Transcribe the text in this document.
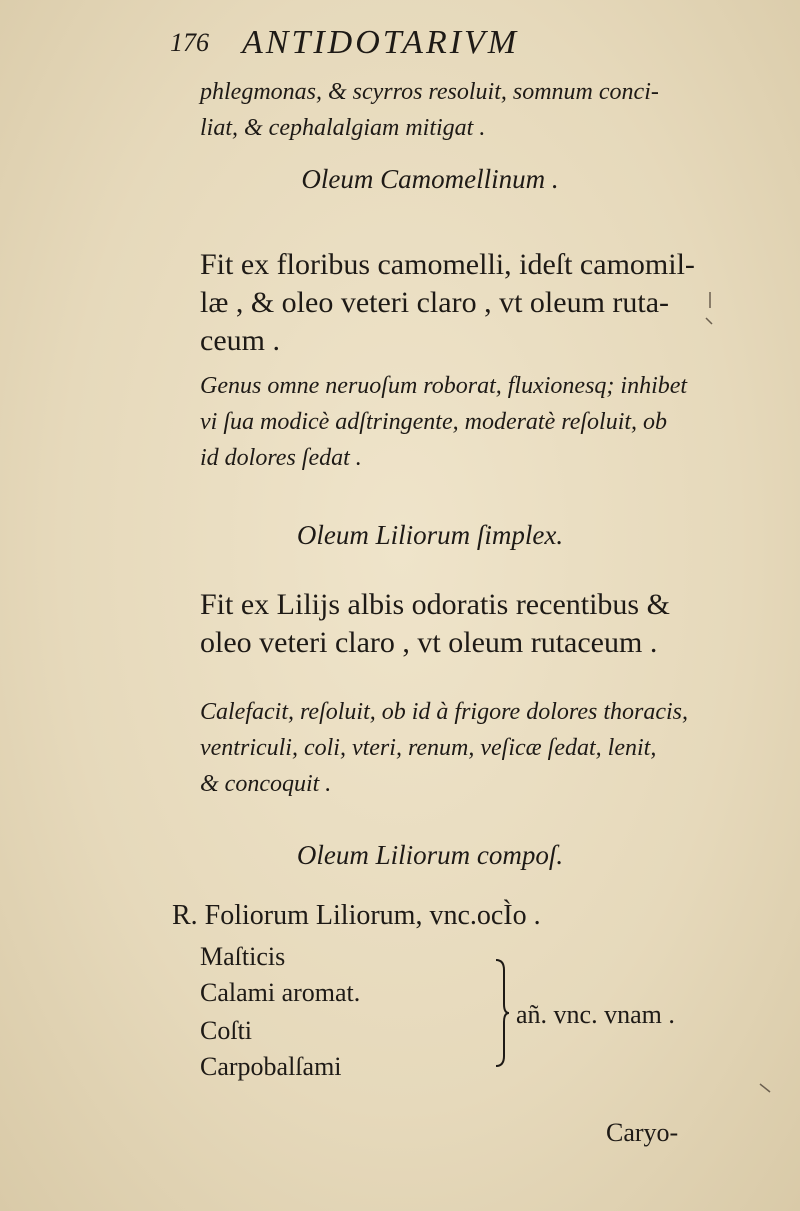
176 ANTIDOTARIVM
phlegmonas, & scyrros resoluit, somnum conci-
liat, & cephalalgiam mitigat .
Oleum Camomellinum .
Fit ex floribus camomelli, ideſt camomil-
læ , & oleo veteri claro , vt oleum ruta-
ceum .
Genus omne neruoſum roborat, fluxionesq; inhibet
vi ſua modicè adſtringente, moderatè reſoluit, ob
id dolores ſedat .
Oleum Liliorum ſimplex.
Fit ex Lilijs albis odoratis recentibus &
oleo veteri claro , vt oleum rutaceum .
Calefacit, reſoluit, ob id à frigore dolores thoracis,
ventriculi, coli, vteri, renum, veſicæ ſedat, lenit,
& concoquit .
Oleum Liliorum compoſ.
R. Foliorum Liliorum, vnc.ocÌo .
Maſticis
Calami aromat.
Coſti
Carpobalſami
añ. vnc. vnam .
Caryo-
